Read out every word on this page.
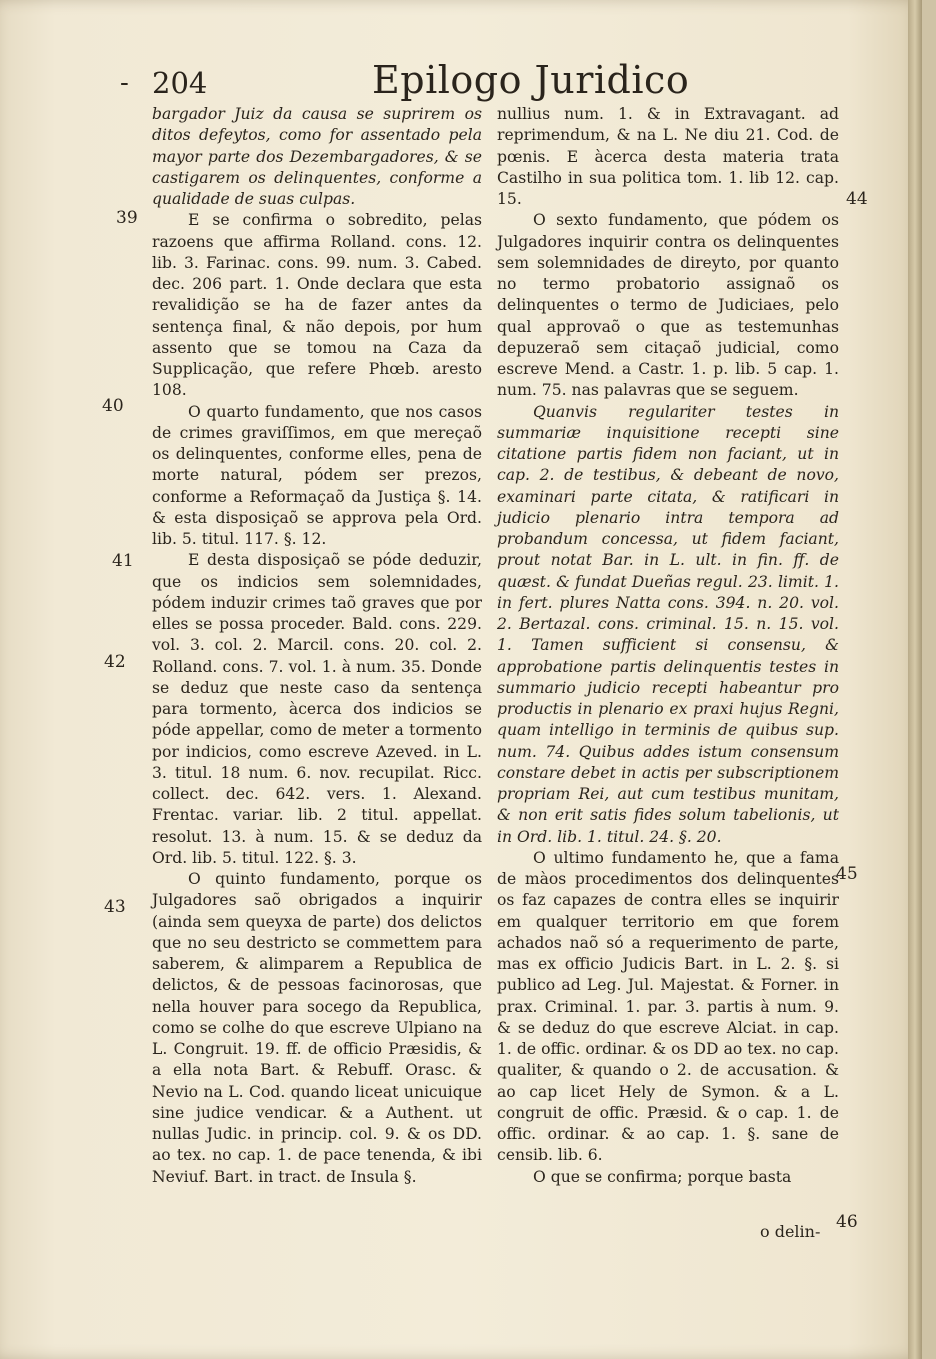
- 204	Epilogo Juridico
39
40
41
42
43
44
45
46

bargador Juiz da causa se suprirem os ditos defeytos, como for assentado pela mayor parte dos Dezembargadores, & se castigarem os delinquentes, conforme a qualidade de suas culpas.

E se confirma o sobredito, pelas razoens que affirma Rolland. cons. 12. lib. 3. Farinac. cons. 99. num. 3. Cabed. dec. 206 part. 1. Onde declara que esta revalidição se ha de fazer antes da sentença final, & não depois, por hum assento que se tomou na Caza da Supplicação, que refere Phœb. aresto 108.

O quarto fundamento, que nos casos de crimes graviſſimos, em que mereçaõ os delinquentes, conforme elles, pena de morte natural, pódem ser prezos, conforme a Reformaçaõ da Justiça §. 14. & esta disposiçaõ se approva pela Ord. lib. 5. titul. 117. §. 12.

E desta disposiçaõ se póde deduzir, que os indicios sem solemnidades, pódem induzir crimes taõ graves que por elles se possa proceder. Bald. cons. 229. vol. 3. col. 2. Marcil. cons. 20. col. 2. Rolland. cons. 7. vol. 1. à num. 35. Donde se deduz que neste caso da sentença para tormento, àcerca dos indicios se póde appellar, como de meter a tormento por indicios, como escreve Azeved. in L. 3. titul. 18 num. 6. nov. recupilat. Ricc. collect. dec. 642. vers. 1. Alexand. Frentac. variar. lib. 2 titul. appellat. resolut. 13. à num. 15. & se deduz da Ord. lib. 5. titul. 122. §. 3.

O quinto fundamento, porque os Julgadores saõ obrigados a inquirir (ainda sem queyxa de parte) dos delictos que no seu destricto se commettem para saberem, & alimparem a Republica de delictos, & de pessoas facinorosas, que nella houver para socego da Republica, como se colhe do que escreve Ulpiano na L. Congruit. 19. ff. de officio Præsidis, & a ella nota Bart. & Rebuff. Orasc. & Nevio na L. Cod. quando liceat unicuique sine judice vendicar. & a Authent. ut nullas Judic. in princip. col. 9. & os DD. ao tex. no cap. 1. de pace tenenda, & ibi Neviuf. Bart. in tract. de Insula §.

nullius num. 1. & in Extravagant. ad reprimendum, & na L. Ne diu 21. Cod. de pœnis. E àcerca desta materia trata Castilho in sua politica tom. 1. lib 12. cap. 15.

O sexto fundamento, que pódem os Julgadores inquirir contra os delinquentes sem solemnidades de direyto, por quanto no termo probatorio assignaõ os delinquentes o termo de Judiciaes, pelo qual approvaõ o que as testemunhas depuzeraõ sem citaçaõ judicial, como escreve Mend. a Castr. 1. p. lib. 5 cap. 1. num. 75. nas palavras que se seguem.

Quanvis regulariter testes in summariæ inquisitione recepti sine citatione partis fidem non faciant, ut in cap. 2. de testibus, & debeant de novo, examinari parte citata, & ratificari in judicio plenario intra tempora ad probandum concessa, ut fidem faciant, prout notat Bar. in L. ult. in fin. ff. de quæst. & fundat Dueñas regul. 23. limit. 1. in fert. plures Natta cons. 394. n. 20. vol. 2. Bertazal. cons. criminal. 15. n. 15. vol. 1. Tamen sufficient si consensu, & approbatione partis delinquentis testes in summario judicio recepti habeantur pro productis in plenario ex praxi hujus Regni, quam intelligo in terminis de quibus sup. num. 74. Quibus addes istum consensum constare debet in actis per subscriptionem propriam Rei, aut cum testibus munitam, & non erit satis fides solum tabelionis, ut in Ord. lib. 1. titul. 24. §. 20.

O ultimo fundamento he, que a fama de màos procedimentos dos delinquentes os faz capazes de contra elles se inquirir em qualquer territorio em que forem achados naõ só a requerimento de parte, mas ex officio Judicis Bart. in L. 2. §. si publico ad Leg. Jul. Majestat. & Forner. in prax. Criminal. 1. par. 3. partis à num. 9. & se deduz do que escreve Alciat. in cap. 1. de offic. ordinar. & os DD ao tex. no cap. qualiter, & quando o 2. de accusation. & ao cap licet Hely de Symon. & a L. congruit de offic. Præsid. & o cap. 1. de offic. ordinar. & ao cap. 1. §. sane de censib. lib. 6.

O que se confirma; porque basta

o delin-
